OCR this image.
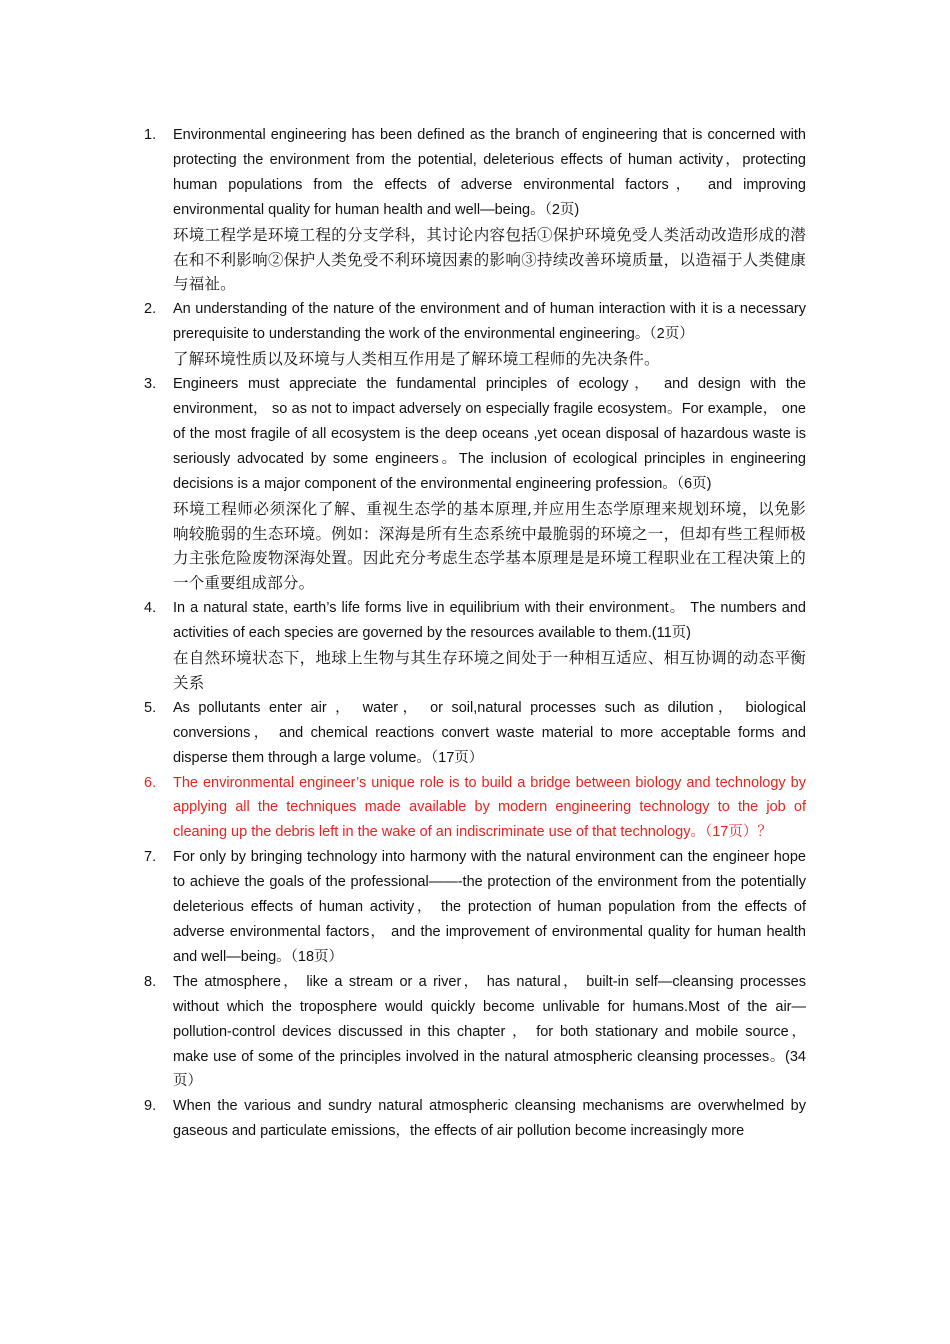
1. Environmental engineering has been defined as the branch of engineering that is concerned with protecting the environment from the potential, deleterious effects of human activity，protecting human populations from the effects of adverse environmental factors， and improving environmental quality for human health and well—being。（2页)

环境工程学是环境工程的分支学科，其讨论内容包括①保护环境免受人类活动改造形成的潜在和不利影响②保护人类免受不利环境因素的影响③持续改善环境质量，以造福于人类健康与福祉。

2. An understanding of the nature of the environment and of human interaction with it is a necessary prerequisite to understanding the work of the environmental engineering。（2页）

了解环境性质以及环境与人类相互作用是了解环境工程师的先决条件。

3. Engineers must appreciate the fundamental principles of ecology， and design with the environment， so as not to impact adversely on especially fragile ecosystem。For example， one of the most fragile of all ecosystem is the deep oceans ,yet ocean disposal of hazardous waste is seriously advocated by some engineers。The inclusion of ecological principles in engineering decisions is a major component of the environmental engineering profession。（6页)

环境工程师必须深化了解、重视生态学的基本原理,并应用生态学原理来规划环境，以免影响较脆弱的生态环境。例如：深海是所有生态系统中最脆弱的环境之一，但却有些工程师极力主张危险废物深海处置。因此充分考虑生态学基本原理是是环境工程职业在工程决策上的一个重要组成部分。

4. In a natural state, earth’s life forms live in equilibrium with their environment。 The numbers and activities of each species are governed by the resources available to them.(11页)

在自然环境状态下，地球上生物与其生存环境之间处于一种相互适应、相互协调的动态平衡关系

5. As pollutants enter air ， water， or soil,natural processes such as dilution， biological conversions， and chemical reactions convert waste material to more acceptable forms and disperse them through a large volume。（17页）

6. The environmental engineer’s unique role is to build a bridge between biology and technology by applying all the techniques made available by modern engineering technology to the job of cleaning up the debris left in the wake of an indiscriminate use of that technology。（17页）？

7. For only by bringing technology into harmony with the natural environment can the engineer hope to achieve the goals of the professional——-the protection of the environment from the potentially deleterious effects of human activity， the protection of human population from the effects of adverse environmental factors， and the improvement of environmental quality for human health and well—being。（18页）

8. The atmosphere， like a stream or a river， has natural， built-in self—cleansing processes without which the troposphere would quickly become unlivable for humans.Most of the air—pollution-control devices discussed in this chapter ， for both stationary and mobile source， make use of some of the principles involved in the natural atmospheric cleansing processes。(34页）

9. When the various and sundry natural atmospheric cleansing mechanisms are overwhelmed by gaseous and particulate emissions，the effects of air pollution become increasingly more
